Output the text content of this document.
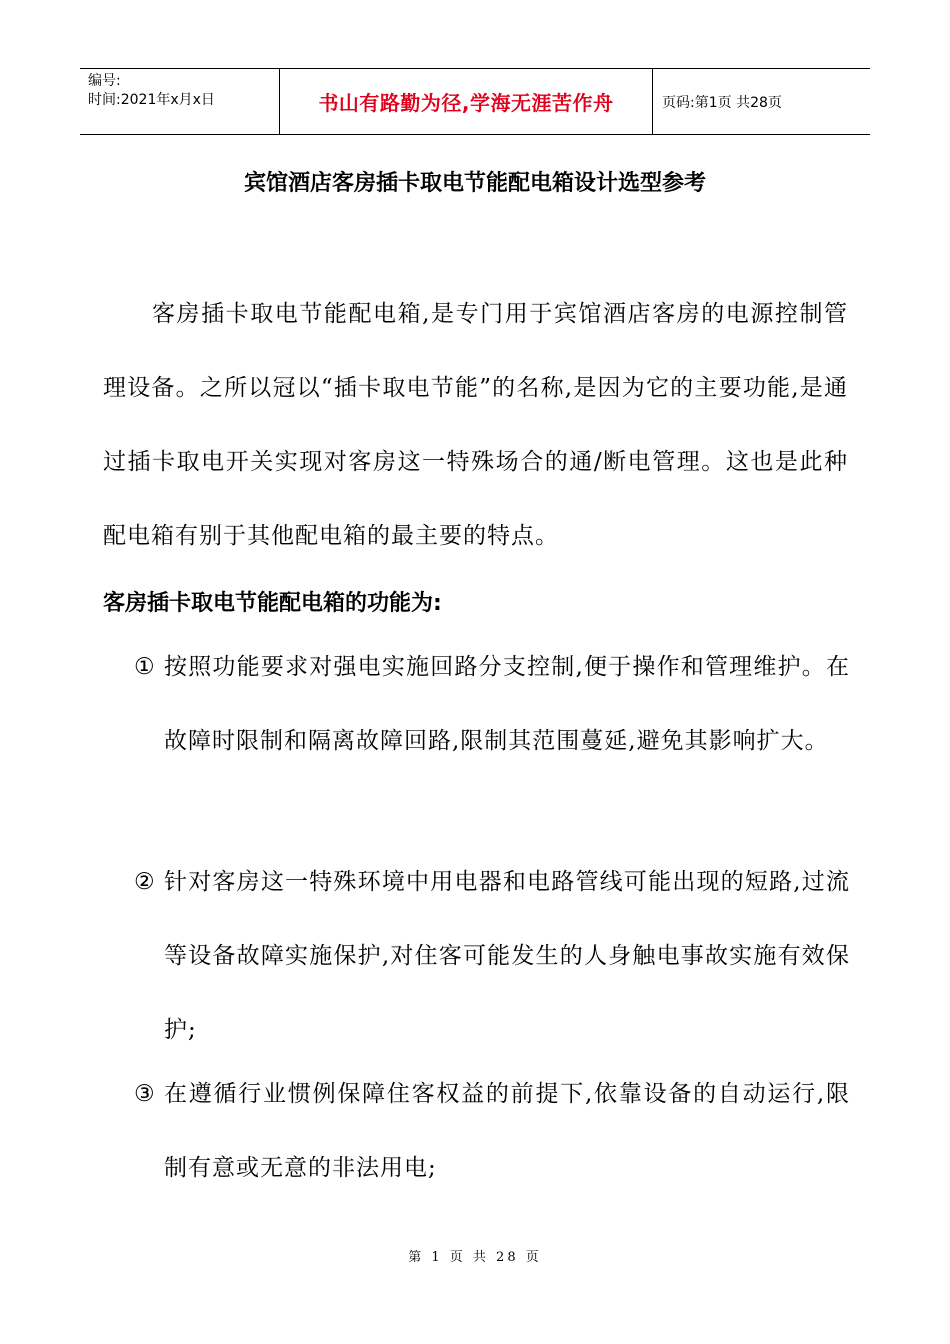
编号:
时间:2021年x月x日	书山有路勤为径,学海无涯苦作舟	页码:第1页 共28页
宾馆酒店客房插卡取电节能配电箱设计选型参考
客房插卡取电节能配电箱,是专门用于宾馆酒店客房的电源控制管理设备。之所以冠以“插卡取电节能”的名称,是因为它的主要功能,是通过插卡取电开关实现对客房这一特殊场合的通/断电管理。这也是此种配电箱有别于其他配电箱的最主要的特点。
客房插卡取电节能配电箱的功能为:
① 按照功能要求对强电实施回路分支控制,便于操作和管理维护。在故障时限制和隔离故障回路,限制其范围蔓延,避免其影响扩大。
② 针对客房这一特殊环境中用电器和电路管线可能出现的短路,过流等设备故障实施保护,对住客可能发生的人身触电事故实施有效保护;
③ 在遵循行业惯例保障住客权益的前提下,依靠设备的自动运行,限制有意或无意的非法用电;
第 1 页 共 28 页
